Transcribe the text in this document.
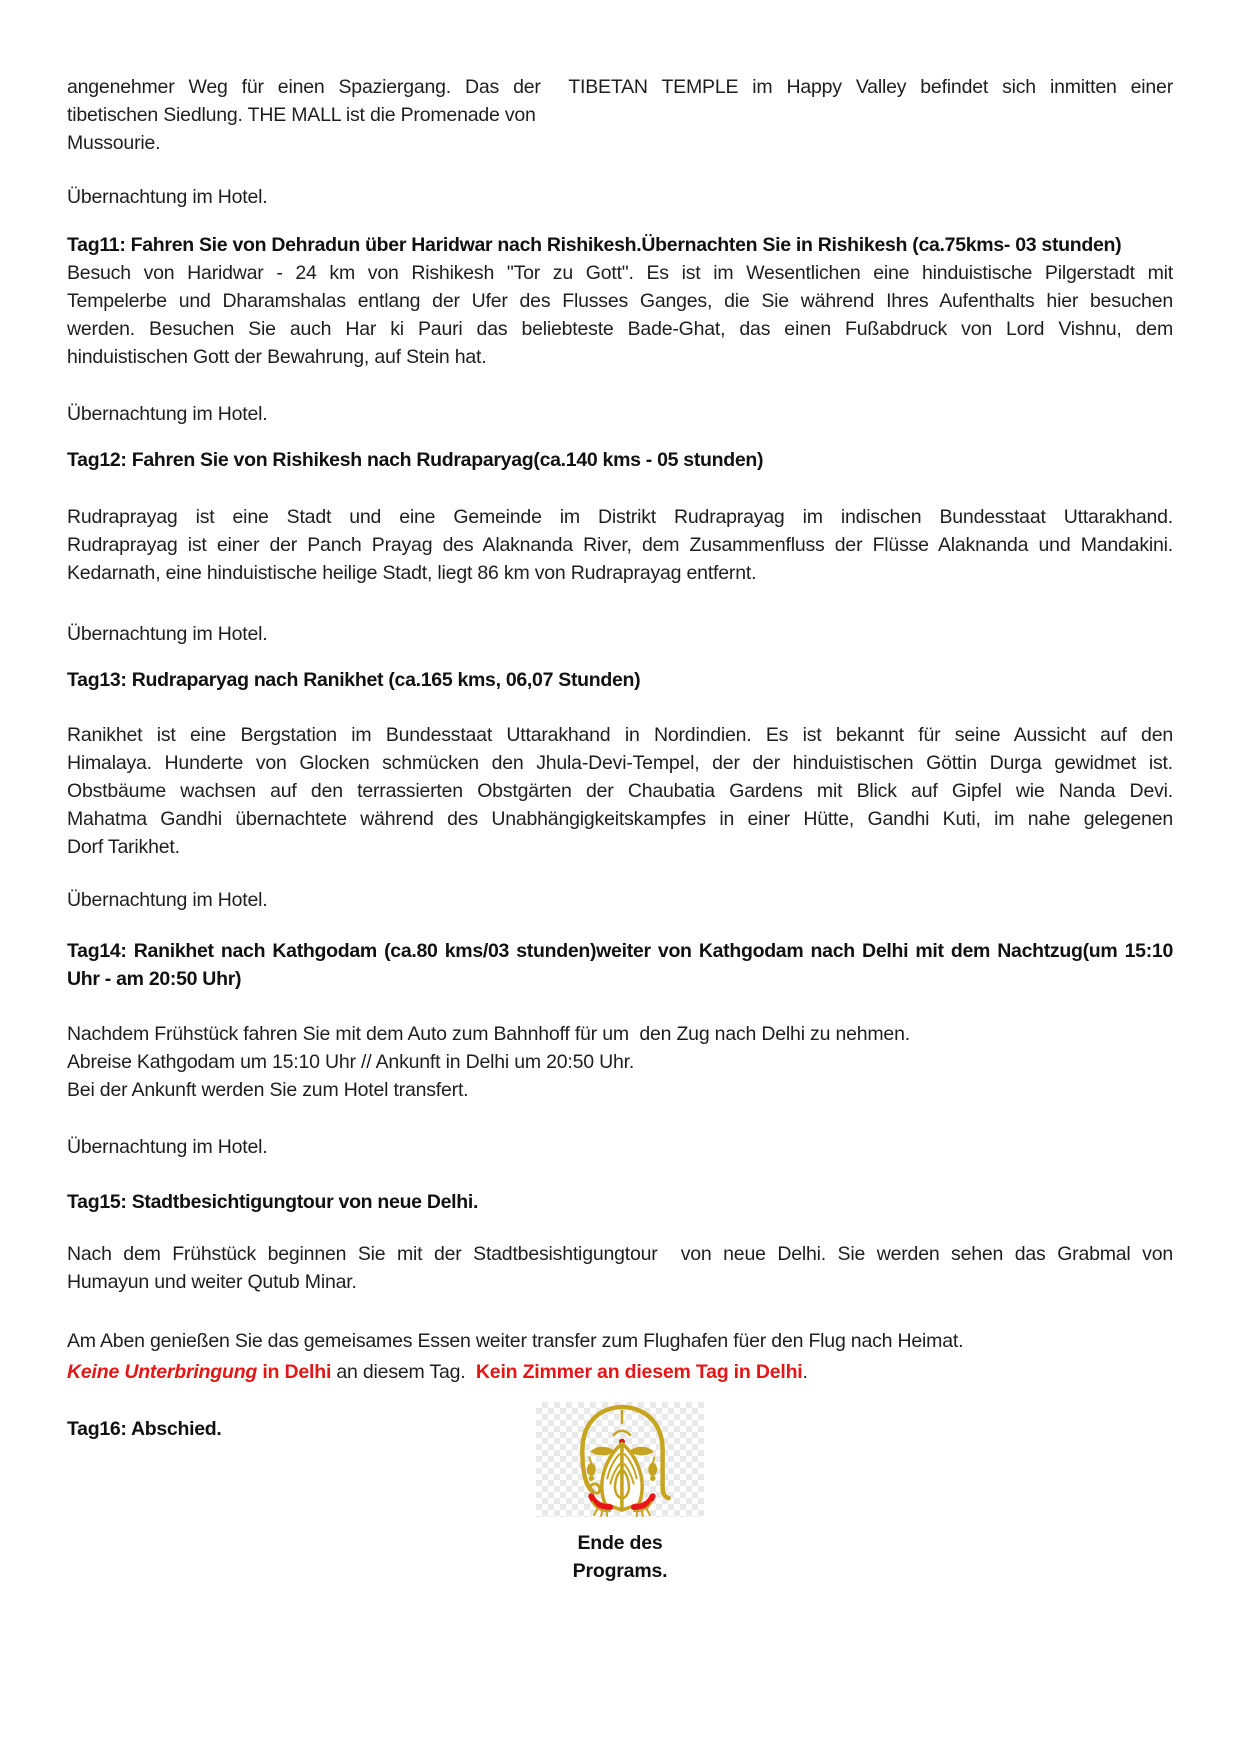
angenehmer Weg für einen Spaziergang. Das der  TIBETAN TEMPLE im Happy Valley befindet sich inmitten einer
tibetischen Siedlung. THE MALL ist die Promenade von
Mussourie.

Übernachtung im Hotel.

Tag11: Fahren Sie von Dehradun über Haridwar nach Rishikesh.Übernachten Sie in Rishikesh (ca.75kms- 03 stunden)

Besuch von Haridwar - 24 km von Rishikesh "Tor zu Gott". Es ist im Wesentlichen eine hinduistische Pilgerstadt mit
Tempelerbe und Dharamshalas entlang der Ufer des Flusses Ganges, die Sie während Ihres Aufenthalts hier besuchen
werden. Besuchen Sie auch Har ki Pauri das beliebteste Bade-Ghat, das einen Fußabdruck von Lord Vishnu, dem
hinduistischen Gott der Bewahrung, auf Stein hat.

Übernachtung im Hotel.

Tag12: Fahren Sie von Rishikesh nach Rudraparyag(ca.140 kms - 05 stunden)

Rudraprayag ist eine Stadt und eine Gemeinde im Distrikt Rudraprayag im indischen Bundesstaat Uttarakhand.
Rudraprayag ist einer der Panch Prayag des Alaknanda River, dem Zusammenfluss der Flüsse Alaknanda und Mandakini.
Kedarnath, eine hinduistische heilige Stadt, liegt 86 km von Rudraprayag entfernt.

Übernachtung im Hotel.

Tag13: Rudraparyag nach Ranikhet (ca.165 kms, 06,07 Stunden)

Ranikhet ist eine Bergstation im Bundesstaat Uttarakhand in Nordindien. Es ist bekannt für seine Aussicht auf den
Himalaya. Hunderte von Glocken schmücken den Jhula-Devi-Tempel, der der hinduistischen Göttin Durga gewidmet ist.
Obstbäume wachsen auf den terrassierten Obstgärten der Chaubatia Gardens mit Blick auf Gipfel wie Nanda Devi.
Mahatma Gandhi übernachtete während des Unabhängigkeitskampfes in einer Hütte, Gandhi Kuti, im nahe gelegenen
Dorf Tarikhet.

Übernachtung im Hotel.

Tag14: Ranikhet nach Kathgodam (ca.80 kms/03 stunden)weiter von Kathgodam nach Delhi mit dem Nachtzug(um 15:10
Uhr - am 20:50 Uhr)

Nachdem Frühstück fahren Sie mit dem Auto zum Bahnhoff für um  den Zug nach Delhi zu nehmen.
Abreise Kathgodam um 15:10 Uhr // Ankunft in Delhi um 20:50 Uhr.
Bei der Ankunft werden Sie zum Hotel transfert.

Übernachtung im Hotel.

Tag15: Stadtbesichtigungtour von neue Delhi.

Nach dem Frühstück beginnen Sie mit der Stadtbesishtigungtour  von neue Delhi. Sie werden sehen das Grabmal von
Humayun und weiter Qutub Minar.

Am Aben genießen Sie das gemeisames Essen weiter transfer zum Flughafen füer den Flug nach Heimat.
Keine Unterbringung in Delhi an diesem Tag.  Kein Zimmer an diesem Tag in Delhi.

Tag16: Abschied.

Ende des Programs.
